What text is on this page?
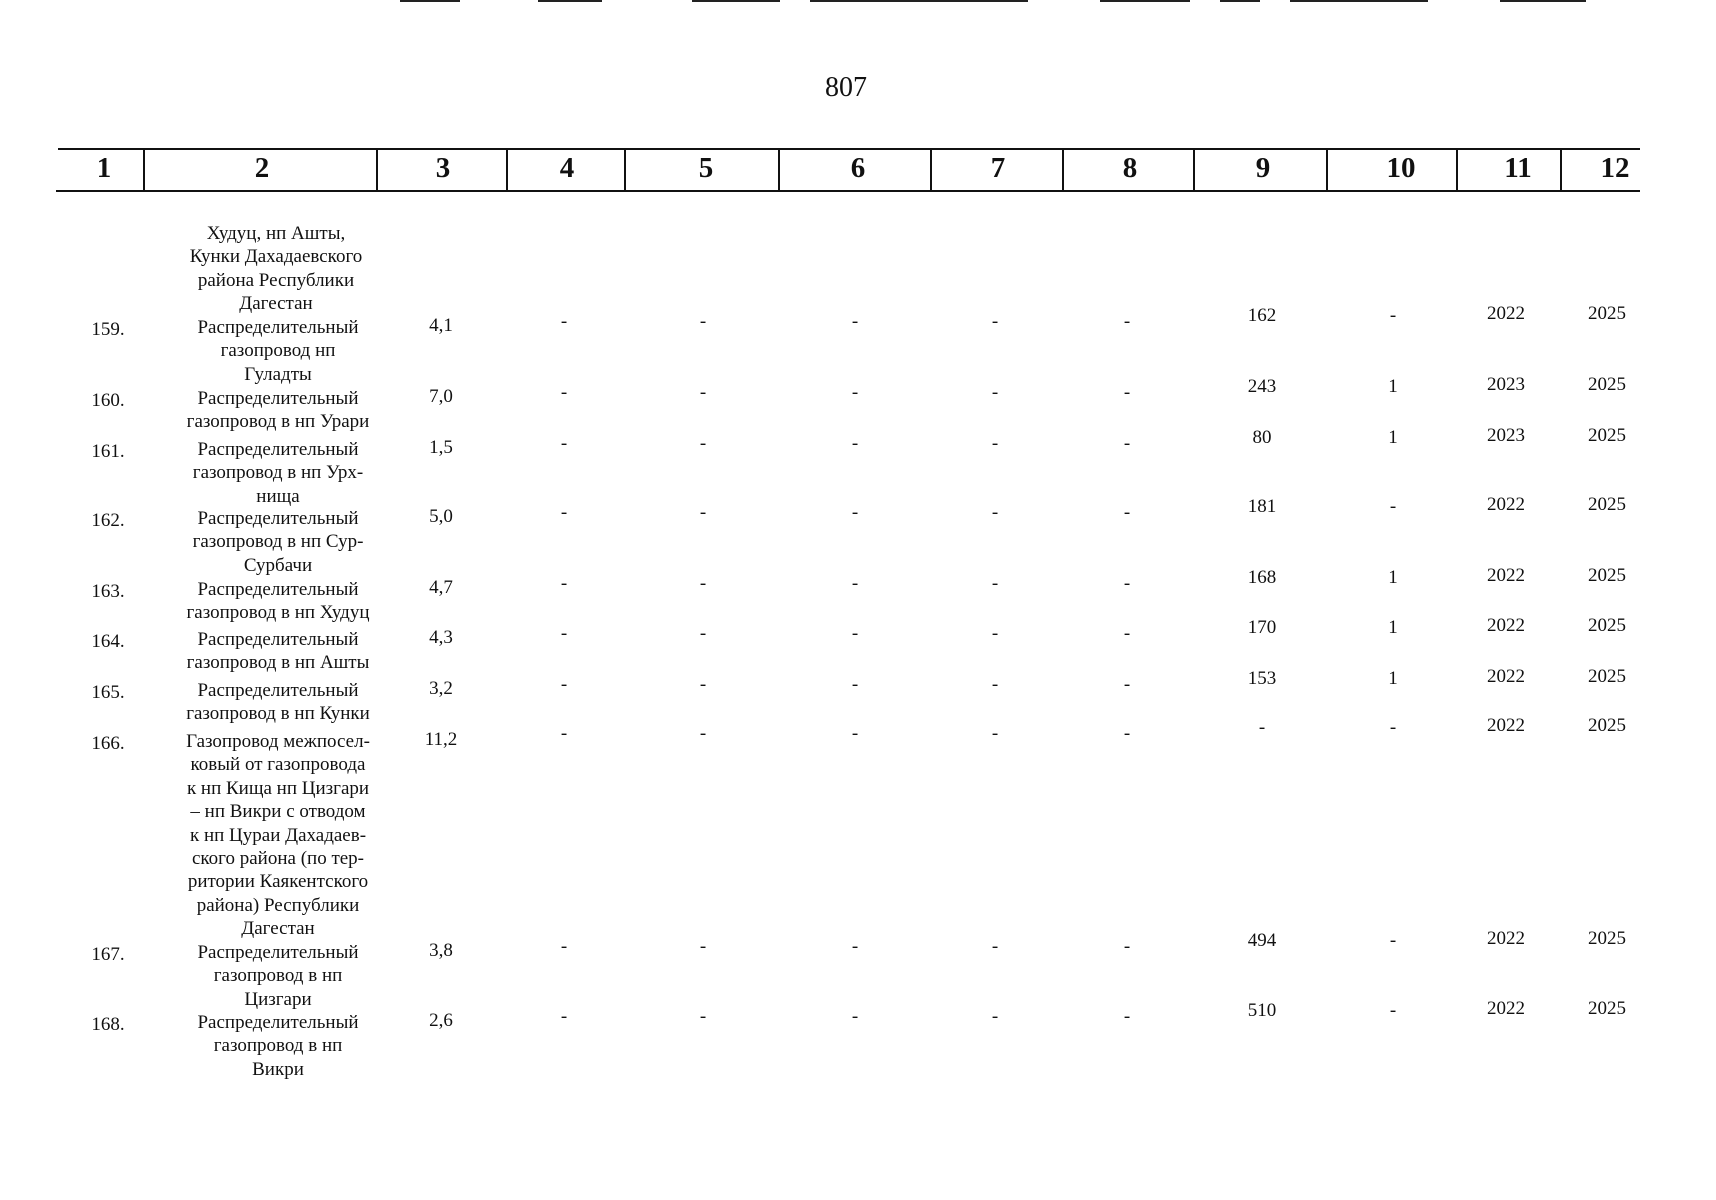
807
1	2	3	4	5	6	7	8	9	10	11 12
Худуц, нп Ашты,
Кунки Дахадаевского
района Республики
Дагестан
159.	Распределительный
газопровод нп
Гуладты
4,1	-	-	-	-	-	162	-	2022	2025
160.	Распределительный
газопровод в нп Урари
7,0	-	-	-	-	-	243	1	2023	2025
161.	Распределительный
газопровод в нп Урх-
нища
1,5	-	-	-	-	-	80	1	2023	2025
162.	Распределительный
газопровод в нп Сур-
Сурбачи
5,0	-	-	-	-	-	181	-	2022	2025
163.	Распределительный
газопровод в нп Худуц
4,7	-	-	-	-	-	168	1	2022	2025
164.	Распределительный
газопровод в нп Ашты
4,3	-	-	-	-	-	170	1	2022	2025
165.	Распределительный
газопровод в нп Кунки
3,2	-	-	-	-	-	153	1	2022	2025
166.	Газопровод межпосел-
ковый от газопровода
к нп Кища нп Цизгари
– нп Викри с отводом
к нп Цураи Дахадаев-
ского района (по тер-
ритории Каякентского
района) Республики
Дагестан
11,2	-	-	-	-	-	-	-	2022	2025
167.	Распределительный
газопровод в нп
Цизгари
3,8	-	-	-	-	-	494	-	2022	2025
168.	Распределительный
газопровод в нп
Викри
2,6	-	-	-	-	-	510	-	2022	2025
